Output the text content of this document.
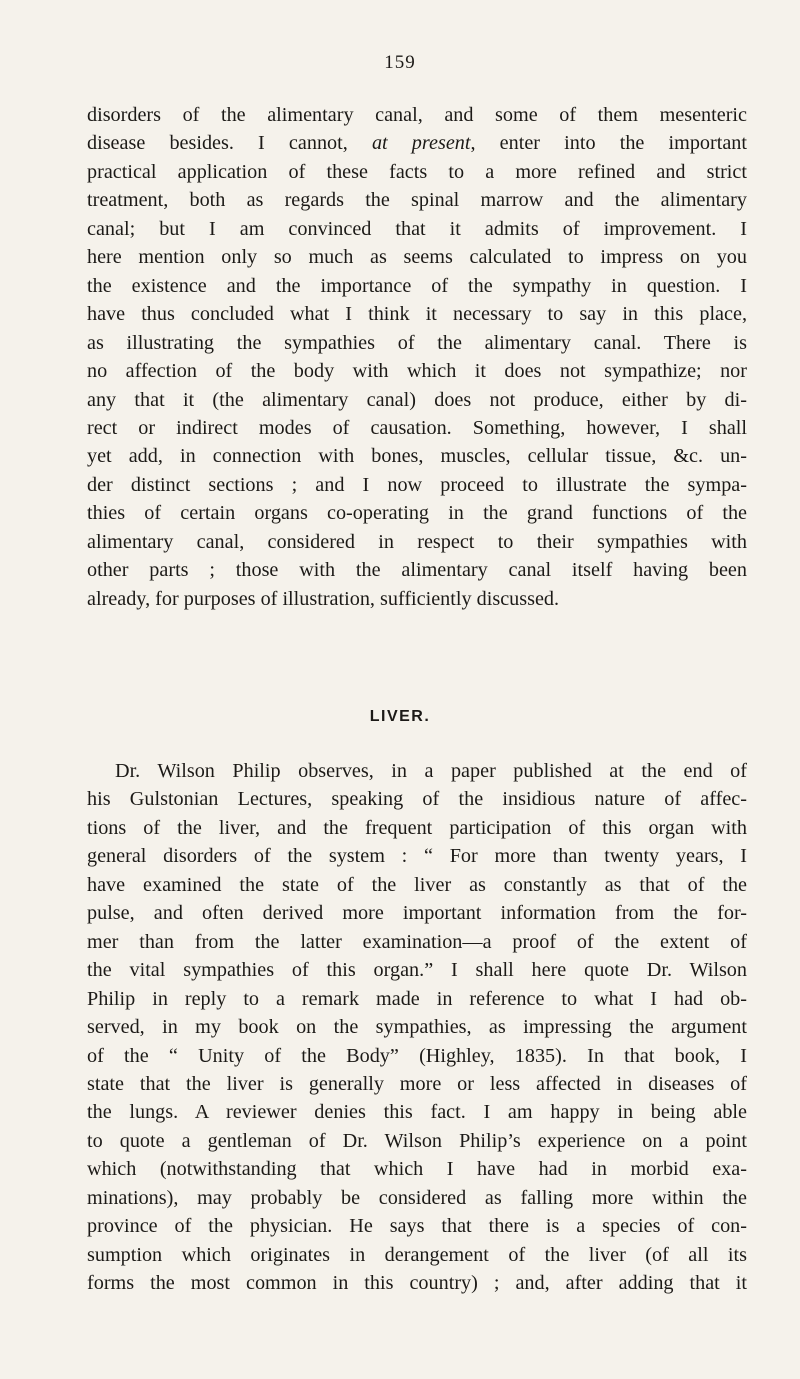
159
disorders of the alimentary canal, and some of them mesenteric
disease besides. I cannot, at present, enter into the important
practical application of these facts to a more refined and strict
treatment, both as regards the spinal marrow and the alimentary
canal; but I am convinced that it admits of improvement. I
here mention only so much as seems calculated to impress on you
the existence and the importance of the sympathy in question. I
have thus concluded what I think it necessary to say in this place,
as illustrating the sympathies of the alimentary canal. There is
no affection of the body with which it does not sympathize; nor
any that it (the alimentary canal) does not produce, either by di-
rect or indirect modes of causation. Something, however, I shall
yet add, in connection with bones, muscles, cellular tissue, &c. un-
der distinct sections ; and I now proceed to illustrate the sympa-
thies of certain organs co-operating in the grand functions of the
alimentary canal, considered in respect to their sympathies with
other parts ; those with the alimentary canal itself having been
already, for purposes of illustration, sufficiently discussed.
LIVER.
Dr. Wilson Philip observes, in a paper published at the end of
his Gulstonian Lectures, speaking of the insidious nature of affec-
tions of the liver, and the frequent participation of this organ with
general disorders of the system : “ For more than twenty years, I
have examined the state of the liver as constantly as that of the
pulse, and often derived more important information from the for-
mer than from the latter examination—a proof of the extent of
the vital sympathies of this organ.” I shall here quote Dr. Wilson
Philip in reply to a remark made in reference to what I had ob-
served, in my book on the sympathies, as impressing the argument
of the “ Unity of the Body” (Highley, 1835). In that book, I
state that the liver is generally more or less affected in diseases of
the lungs. A reviewer denies this fact. I am happy in being able
to quote a gentleman of Dr. Wilson Philip’s experience on a point
which (notwithstanding that which I have had in morbid exa-
minations), may probably be considered as falling more within the
province of the physician. He says that there is a species of con-
sumption which originates in derangement of the liver (of all its
forms the most common in this country) ; and, after adding that it
